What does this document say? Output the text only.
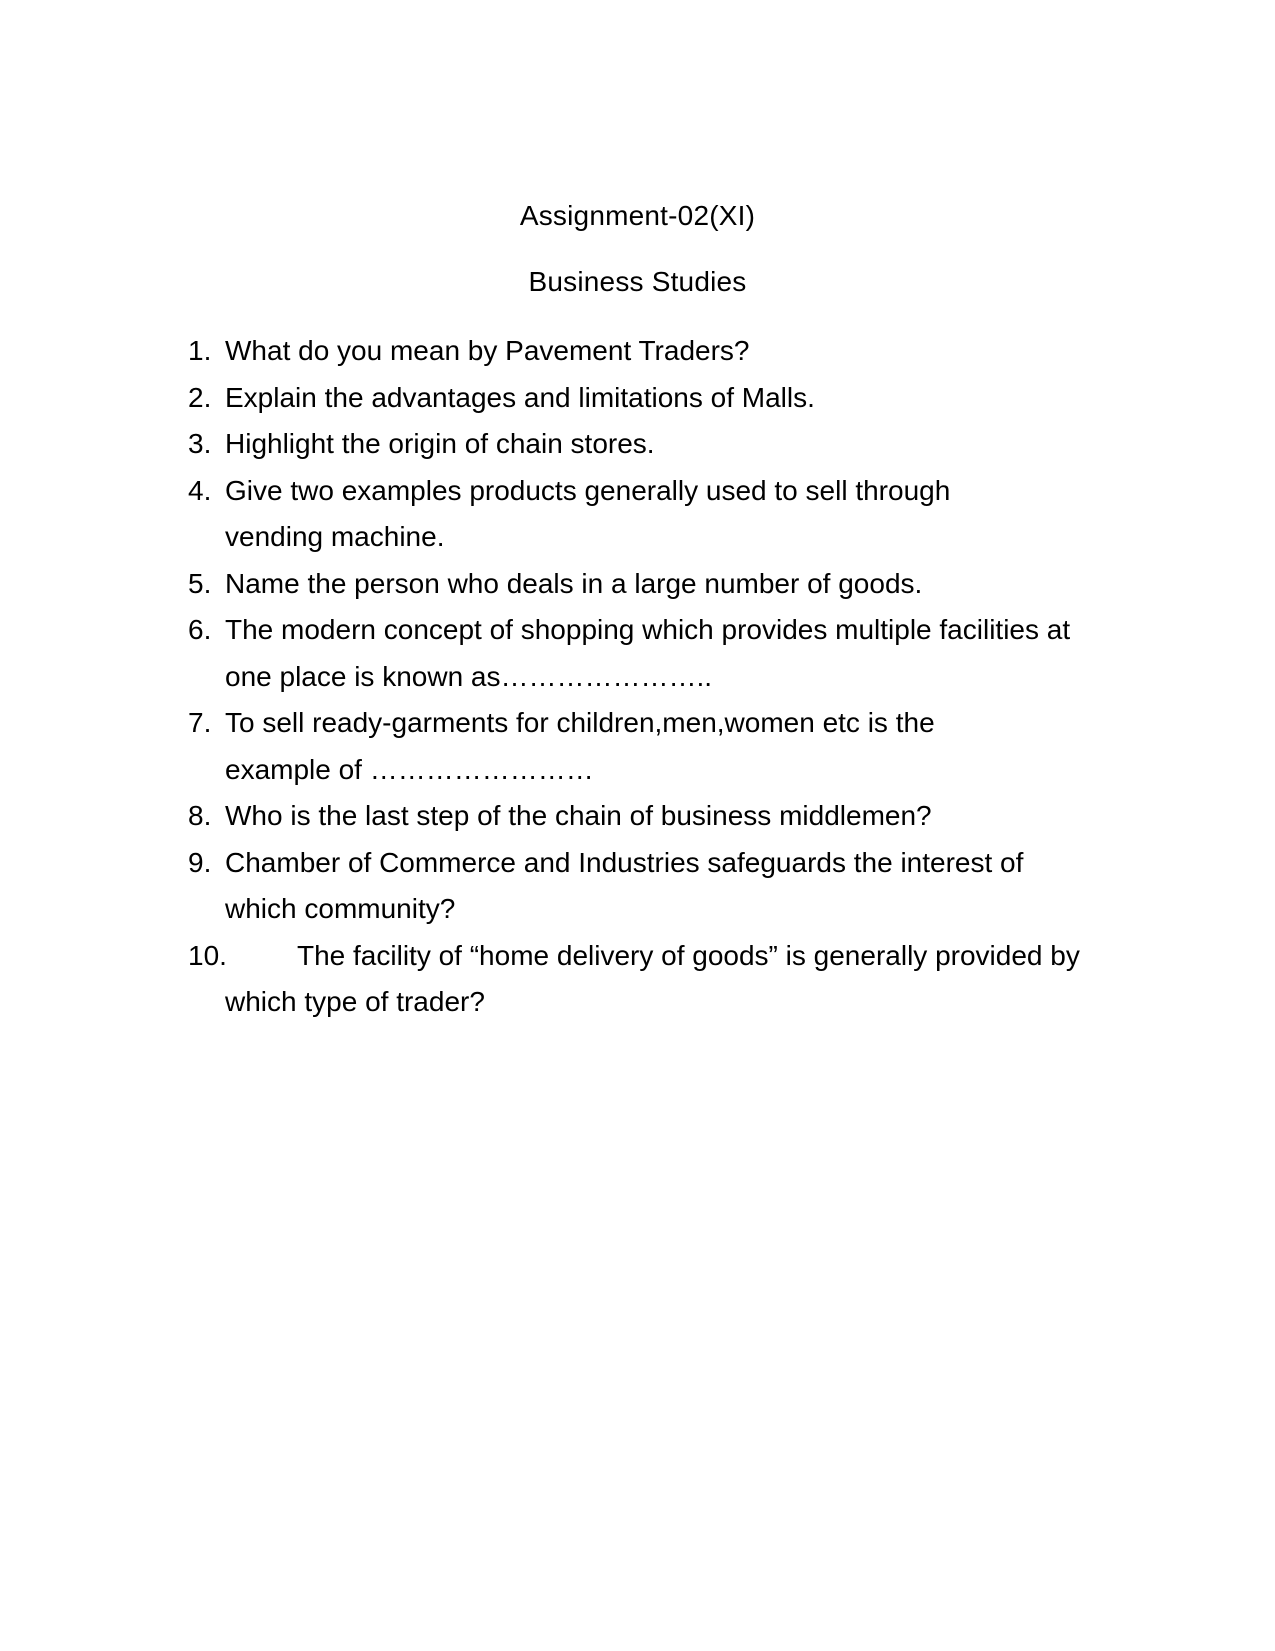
Assignment-02(XI)
Business Studies
1. What do you mean by Pavement Traders?
2. Explain the advantages and limitations of Malls.
3. Highlight the origin of chain stores.
4. Give two examples products generally used to sell through vending machine.
5. Name the person who deals in a large number of goods.
6. The modern concept of shopping which provides multiple facilities at one place is known as…………………..
7. To sell ready-garments for children,men,women etc is the example of ……………………
8. Who is the last step of the chain of business middlemen?
9. Chamber of Commerce and Industries safeguards the interest of which community?
10.	The facility of “home delivery of goods” is generally provided by which type of trader?
